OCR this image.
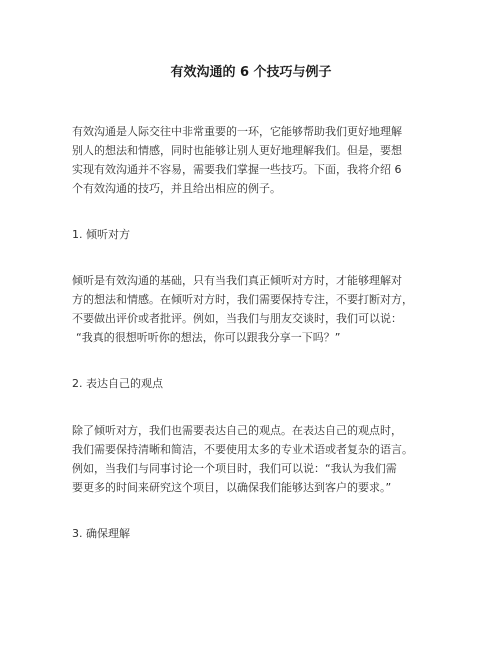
有效沟通的 6 个技巧与例子
有效沟通是人际交往中非常重要的一环，它能够帮助我们更好地理解
别人的想法和情感，同时也能够让别人更好地理解我们。但是，要想
实现有效沟通并不容易，需要我们掌握一些技巧。下面，我将介绍 6
个有效沟通的技巧，并且给出相应的例子。
1. 倾听对方
倾听是有效沟通的基础，只有当我们真正倾听对方时，才能够理解对
方的想法和情感。在倾听对方时，我们需要保持专注，不要打断对方，
不要做出评价或者批评。例如，当我们与朋友交谈时，我们可以说：
“我真的很想听听你的想法，你可以跟我分享一下吗？”
2. 表达自己的观点
除了倾听对方，我们也需要表达自己的观点。在表达自己的观点时，
我们需要保持清晰和简洁，不要使用太多的专业术语或者复杂的语言。
例如，当我们与同事讨论一个项目时，我们可以说：“我认为我们需
要更多的时间来研究这个项目，以确保我们能够达到客户的要求。”
3. 确保理解
